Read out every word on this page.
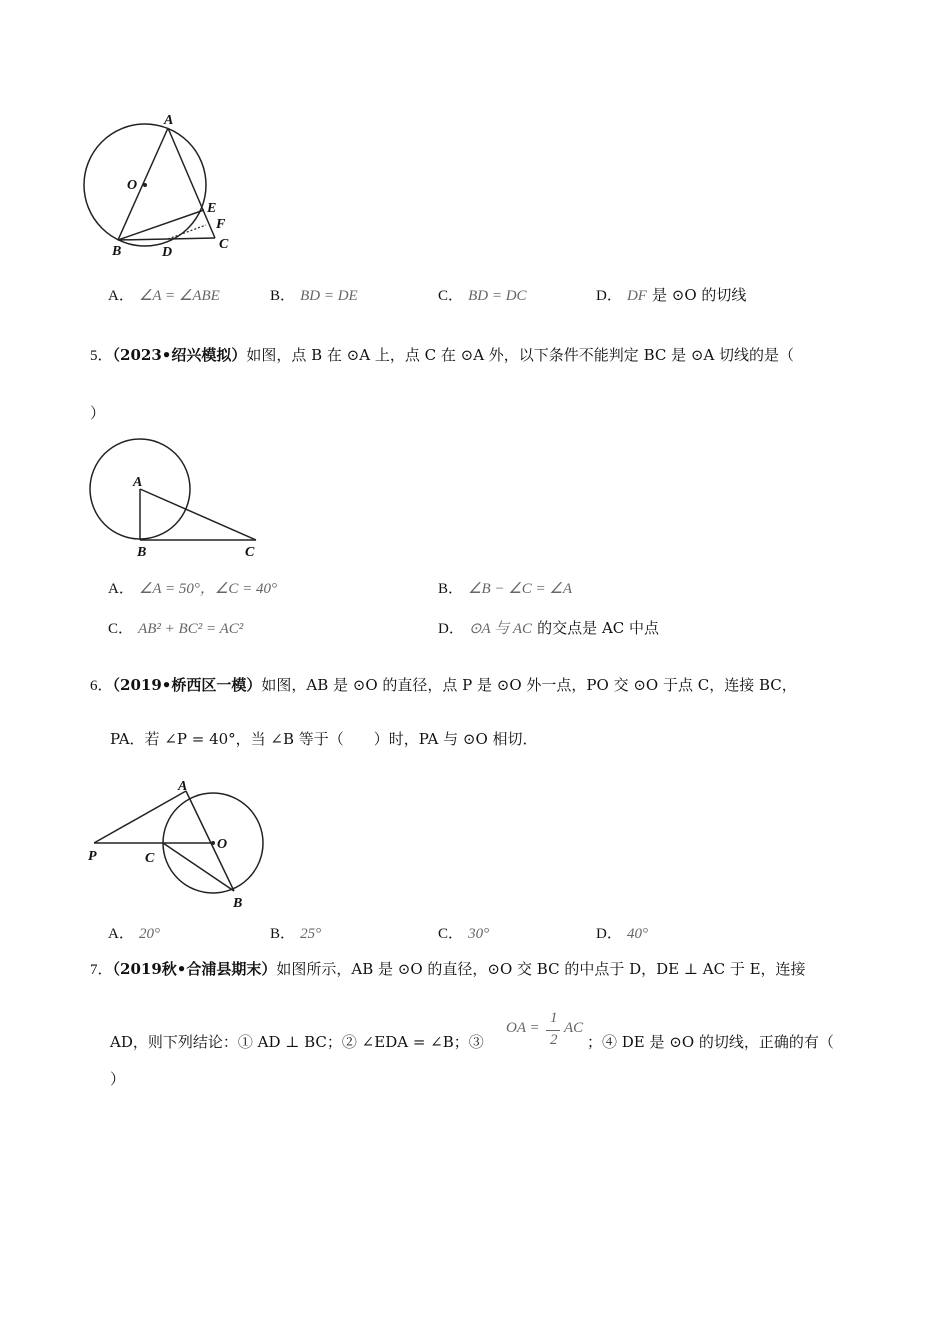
A
O
E
F
B	D
C
A． ∠A = ∠ABE	B． BD = DE	C． BD = DC	D． DF 是 ⊙O 的切线
5．（2023•绍兴模拟）如图，点 B 在 ⊙A 上，点 C 在 ⊙A 外，以下条件不能判定 BC 是 ⊙A 切线的是（
）
A
B	C
A． ∠A = 50°，∠C = 40°	B． ∠B − ∠C = ∠A
C． AB² + BC² = AC²	D． ⊙A 与 AC 的交点是 AC 中点
6．（2019•桥西区一模）如图，AB 是 ⊙O 的直径，点 P 是 ⊙O 外一点，PO 交 ⊙O 于点 C，连接 BC，
PA．若 ∠P = 40°，当 ∠B 等于（　　）时，PA 与 ⊙O 相切．
A
O
P	C
B
A． 20°	B． 25°	C． 30°	D． 40°
7．（2019秋•合浦县期末）如图所示，AB 是 ⊙O 的直径，⊙O 交 BC 的中点于 D，DE ⊥ AC 于 E，连接
AD，则下列结论：① AD ⊥ BC；② ∠EDA = ∠B；③
OA =
1
2
AC
；④ DE 是 ⊙O 的切线，正确的有（
）
